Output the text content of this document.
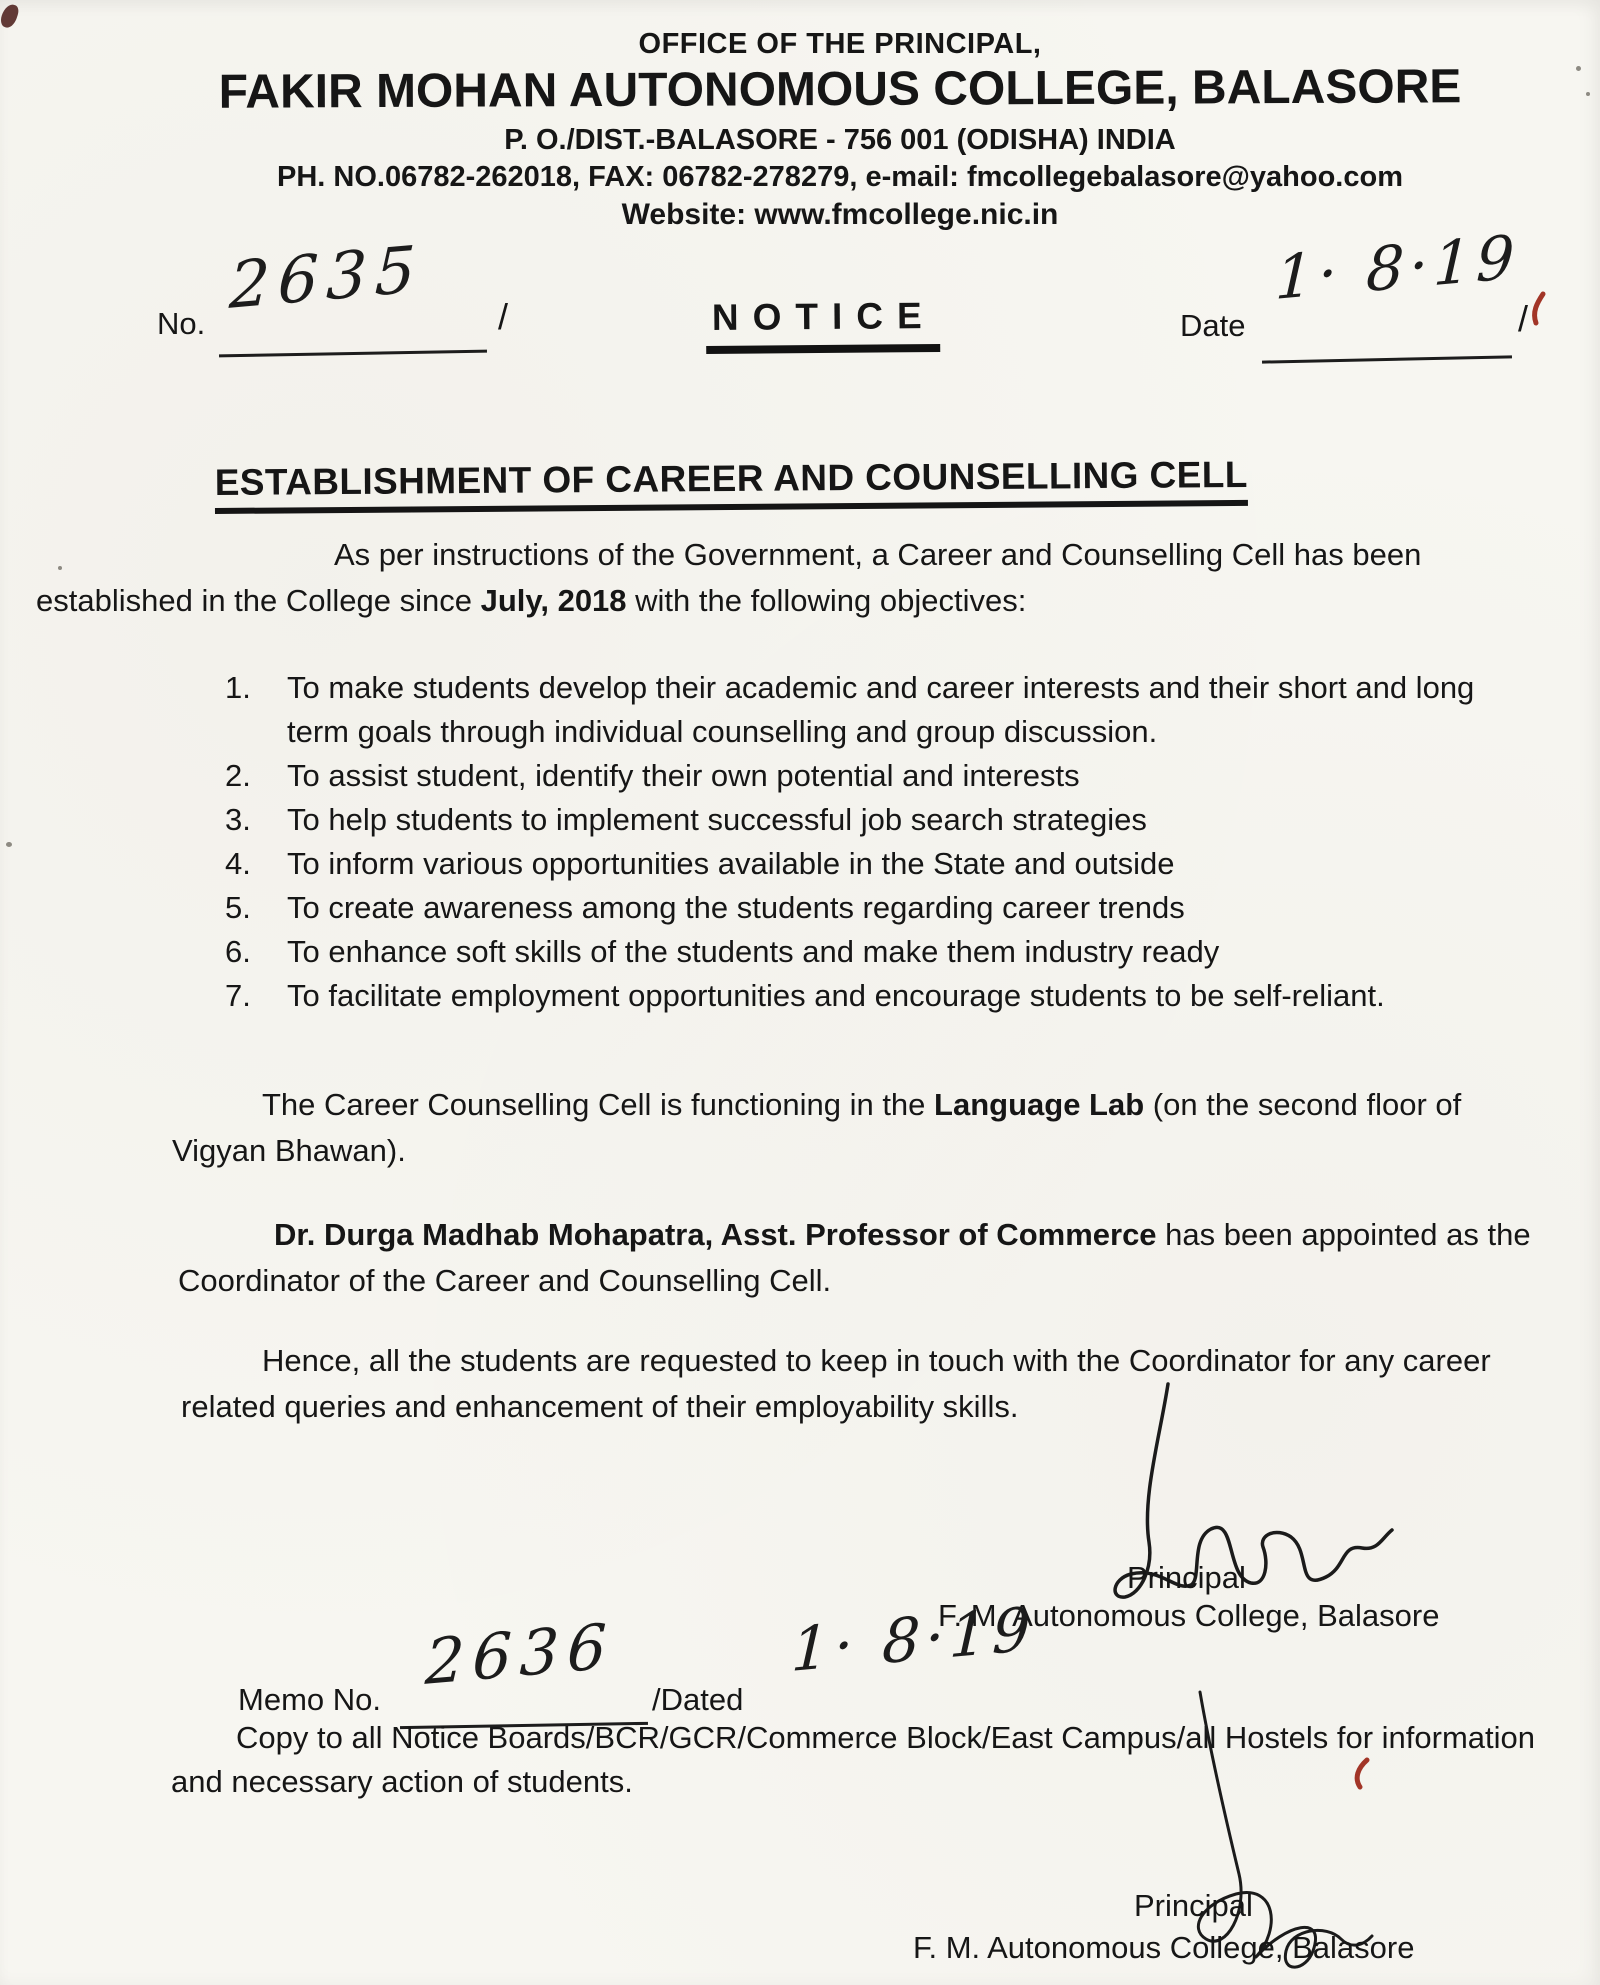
OFFICE OF THE PRINCIPAL,
FAKIR MOHAN AUTONOMOUS COLLEGE, BALASORE
P. O./DIST.-BALASORE - 756 001 (ODISHA) INDIA
PH. NO.06782-262018, FAX: 06782-278279, e-mail: fmcollegebalasore@yahoo.com
Website: www.fmcollege.nic.in
No. 2635 /	NOTICE	Date
1· 8·19
/
ESTABLISHMENT OF CAREER AND COUNSELLING CELL
As per instructions of the Government, a Career and Counselling Cell has been established in the College since July, 2018 with the following objectives:
1. To make students develop their academic and career interests and their short and long term goals through individual counselling and group discussion.
2. To assist student, identify their own potential and interests
3. To help students to implement successful job search strategies
4. To inform various opportunities available in the State and outside
5. To create awareness among the students regarding career trends
6. To enhance soft skills of the students and make them industry ready
7. To facilitate employment opportunities and encourage students to be self-reliant.
The Career Counselling Cell is functioning in the Language Lab (on the second floor of Vigyan Bhawan).
Dr. Durga Madhab Mohapatra, Asst. Professor of Commerce has been appointed as the Coordinator of the Career and Counselling Cell.
Hence, all the students are requested to keep in touch with the Coordinator for any career related queries and enhancement of their employability skills.
Principal
F. M. Autonomous College, Balasore
Memo No.
2636
/Dated
1· 8·19
Copy to all Notice Boards/BCR/GCR/Commerce Block/East Campus/all Hostels for information and necessary action of students.
Principal
F. M. Autonomous College, Balasore
